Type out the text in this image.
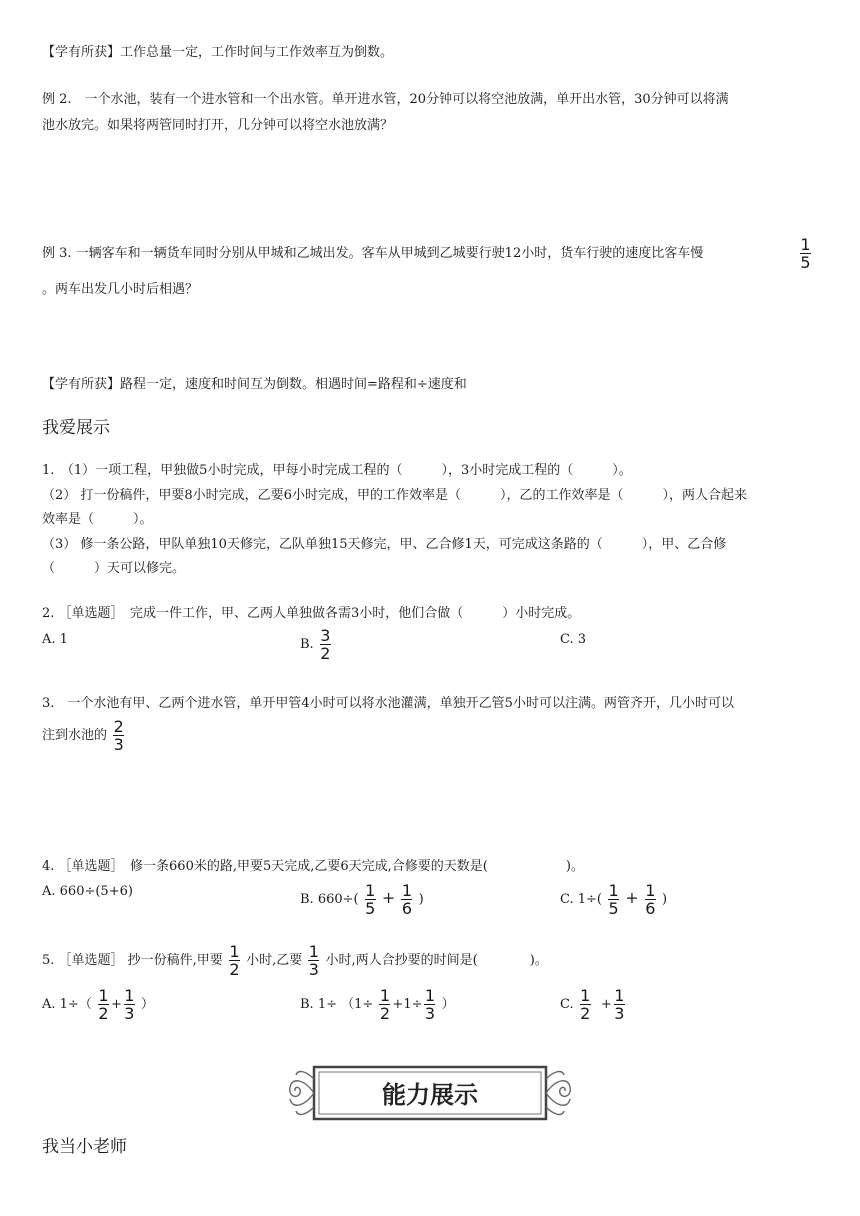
【学有所获】工作总量一定，工作时间与工作效率互为倒数。
例 2.　一个水池，装有一个进水管和一个出水管。单开进水管，20分钟可以将空池放满，单开出水管，30分钟可以将满
池水放完。如果将两管同时打开，几分钟可以将空水池放满？
例 3. 一辆客车和一辆货车同时分别从甲城和乙城出发。客车从甲城到乙城要行驶12小时，货车行驶的速度比客车慢	1
5
。两车出发几小时后相遇？
【学有所获】路程一定，速度和时间互为倒数。相遇时间=路程和÷速度和
我爱展示
1.　（1）一项工程，甲独做5小时完成，甲每小时完成工程的（　　　），3小时完成工程的（　　　）。
（2） 打一份稿件，甲要8小时完成，乙要6小时完成，甲的工作效率是（　　　），乙的工作效率是（　　　），两人合起来
效率是（　　　）。
（3） 修一条公路，甲队单独10天修完，乙队单独15天修完，甲、乙合修1天，可完成这条路的（　　　），甲、乙合修
（　　　）天可以修完。
2. ［单选题］　完成一件工作，甲、乙两人单独做各需3小时，他们合做（　　　）小时完成。
A. 1	B. $\frac{3}{2}$	C. 3
3.　一个水池有甲、乙两个进水管，单开甲管4小时可以将水池灌满，单独开乙管5小时可以注满。两管齐开，几小时可以
注到水池的 $\frac{2}{3}$
4. ［单选题］　修一条660米的路,甲要5天完成,乙要6天完成,合修要的天数是(　　　　　　)。
A. 660÷(5+6)
B. $660\div( \frac{1}{5} + \frac{1}{6}$ )	C. $1\div( \frac{1}{5} + \frac{1}{6}$ )
5. ［单选题］ 抄一份稿件,甲要 $\frac{1}{2}$ 小时,乙要 $\frac{1}{3}$ 小时,两人合抄要的时间是(　　　　)。
A. $1\div( \frac{1}{2} + \frac{1}{3}$ ）	B. $1\div (1\div \frac{1}{2} +1\div \frac{1}{3}$ ）	C. $\frac{1}{2} + \frac{1}{3}$
能力展示
我当小老师
